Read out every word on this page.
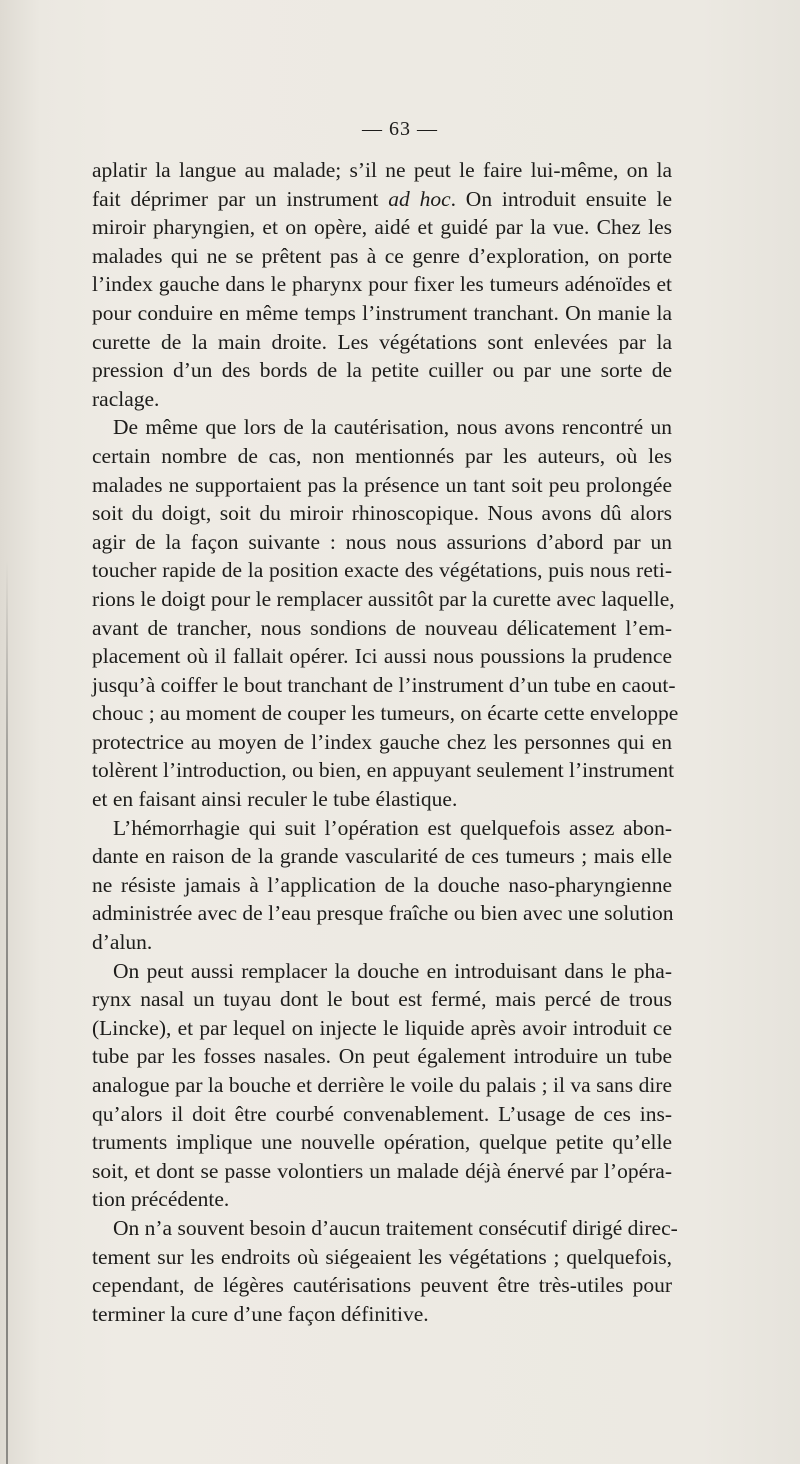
— 63 —
aplatir la langue au malade; s’il ne peut le faire lui-même, on la
fait déprimer par un instrument ad hoc. On introduit ensuite le
miroir pharyngien, et on opère, aidé et guidé par la vue. Chez les
malades qui ne se prêtent pas à ce genre d’exploration, on porte
l’index gauche dans le pharynx pour fixer les tumeurs adénoïdes et
pour conduire en même temps l’instrument tranchant. On manie la
curette de la main droite. Les végétations sont enlevées par la
pression d’un des bords de la petite cuiller ou par une sorte de
raclage.
De même que lors de la cautérisation, nous avons rencontré un
certain nombre de cas, non mentionnés par les auteurs, où les
malades ne supportaient pas la présence un tant soit peu prolongée
soit du doigt, soit du miroir rhinoscopique. Nous avons dû alors
agir de la façon suivante : nous nous assurions d’abord par un
toucher rapide de la position exacte des végétations, puis nous reti-
rions le doigt pour le remplacer aussitôt par la curette avec laquelle,
avant de trancher, nous sondions de nouveau délicatement l’em-
placement où il fallait opérer. Ici aussi nous poussions la prudence
jusqu’à coiffer le bout tranchant de l’instrument d’un tube en caout-
chouc ; au moment de couper les tumeurs, on écarte cette enveloppe
protectrice au moyen de l’index gauche chez les personnes qui en
tolèrent l’introduction, ou bien, en appuyant seulement l’instrument
et en faisant ainsi reculer le tube élastique.
L’hémorrhagie qui suit l’opération est quelquefois assez abon-
dante en raison de la grande vascularité de ces tumeurs ; mais elle
ne résiste jamais à l’application de la douche naso-pharyngienne
administrée avec de l’eau presque fraîche ou bien avec une solution
d’alun.
On peut aussi remplacer la douche en introduisant dans le pha-
rynx nasal un tuyau dont le bout est fermé, mais percé de trous
(Lincke), et par lequel on injecte le liquide après avoir introduit ce
tube par les fosses nasales. On peut également introduire un tube
analogue par la bouche et derrière le voile du palais ; il va sans dire
qu’alors il doit être courbé convenablement. L’usage de ces ins-
truments implique une nouvelle opération, quelque petite qu’elle
soit, et dont se passe volontiers un malade déjà énervé par l’opéra-
tion précédente.
On n’a souvent besoin d’aucun traitement consécutif dirigé direc-
tement sur les endroits où siégeaient les végétations ; quelquefois,
cependant, de légères cautérisations peuvent être très-utiles pour
terminer la cure d’une façon définitive.
